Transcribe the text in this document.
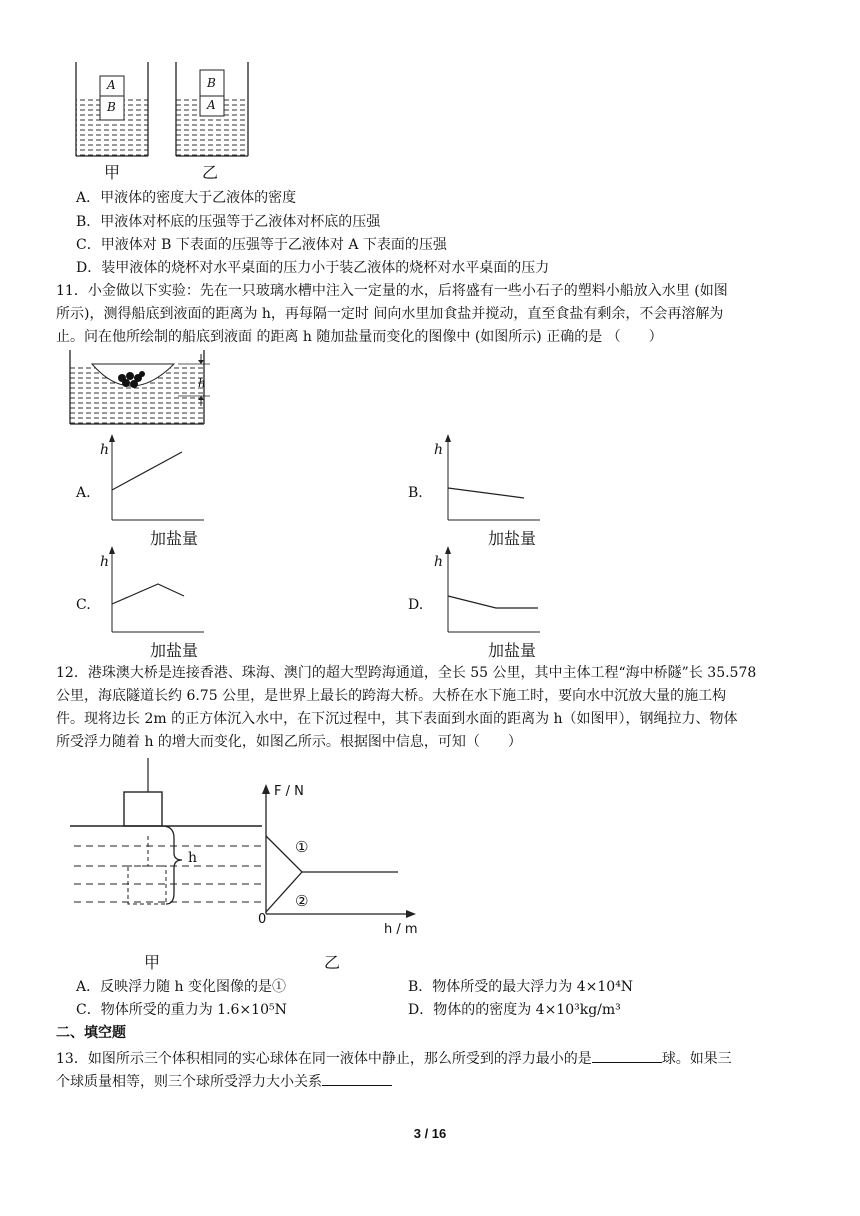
A
B
B
A
甲	乙
A．甲液体的密度大于乙液体的密度
B．甲液体对杯底的压强等于乙液体对杯底的压强
C．甲液体对 B 下表面的压强等于乙液体对 A 下表面的压强
D．装甲液体的烧杯对水平桌面的压力小于装乙液体的烧杯对水平桌面的压力
11．小金做以下实验：先在一只玻璃水槽中注入一定量的水，后将盛有一些小石子的塑料小船放入水里 (如图
所示)，测得船底到液面的距离为 h，再每隔一定时 间向水里加食盐并搅动，直至食盐有剩余，不会再溶解为
止。问在他所绘制的船底到液面 的距离 h 随加盐量而变化的图像中 (如图所示) 正确的是 （　　）
h
A.
h
加盐量
B.
h
加盐量
C.
h
加盐量
D.
h
加盐量
12．港珠澳大桥是连接香港、珠海、澳门的超大型跨海通道，全长 55 公里，其中主体工程“海中桥隧”长 35.578
公里，海底隧道长约 6.75 公里，是世界上最长的跨海大桥。大桥在水下施工时，要向水中沉放大量的施工构
件。现将边长 2m 的正方体沉入水中，在下沉过程中，其下表面到水面的距离为 h（如图甲），钢绳拉力、物体
所受浮力随着 h 的增大而变化，如图乙所示。根据图中信息，可知（　　）
h
甲
F / N
h / m
0
①
②
乙
A．反映浮力随 h 变化图像的是①	B．物体所受的最大浮力为 4×10⁴N
C．物体所受的重力为 1.6×10⁵N	D．物体的的密度为 4×10³kg/m³
二、填空题
13．如图所示三个体积相同的实心球体在同一液体中静止，那么所受到的浮力最小的是	球。如果三
个球质量相等，则三个球所受浮力大小关系
3 / 16
